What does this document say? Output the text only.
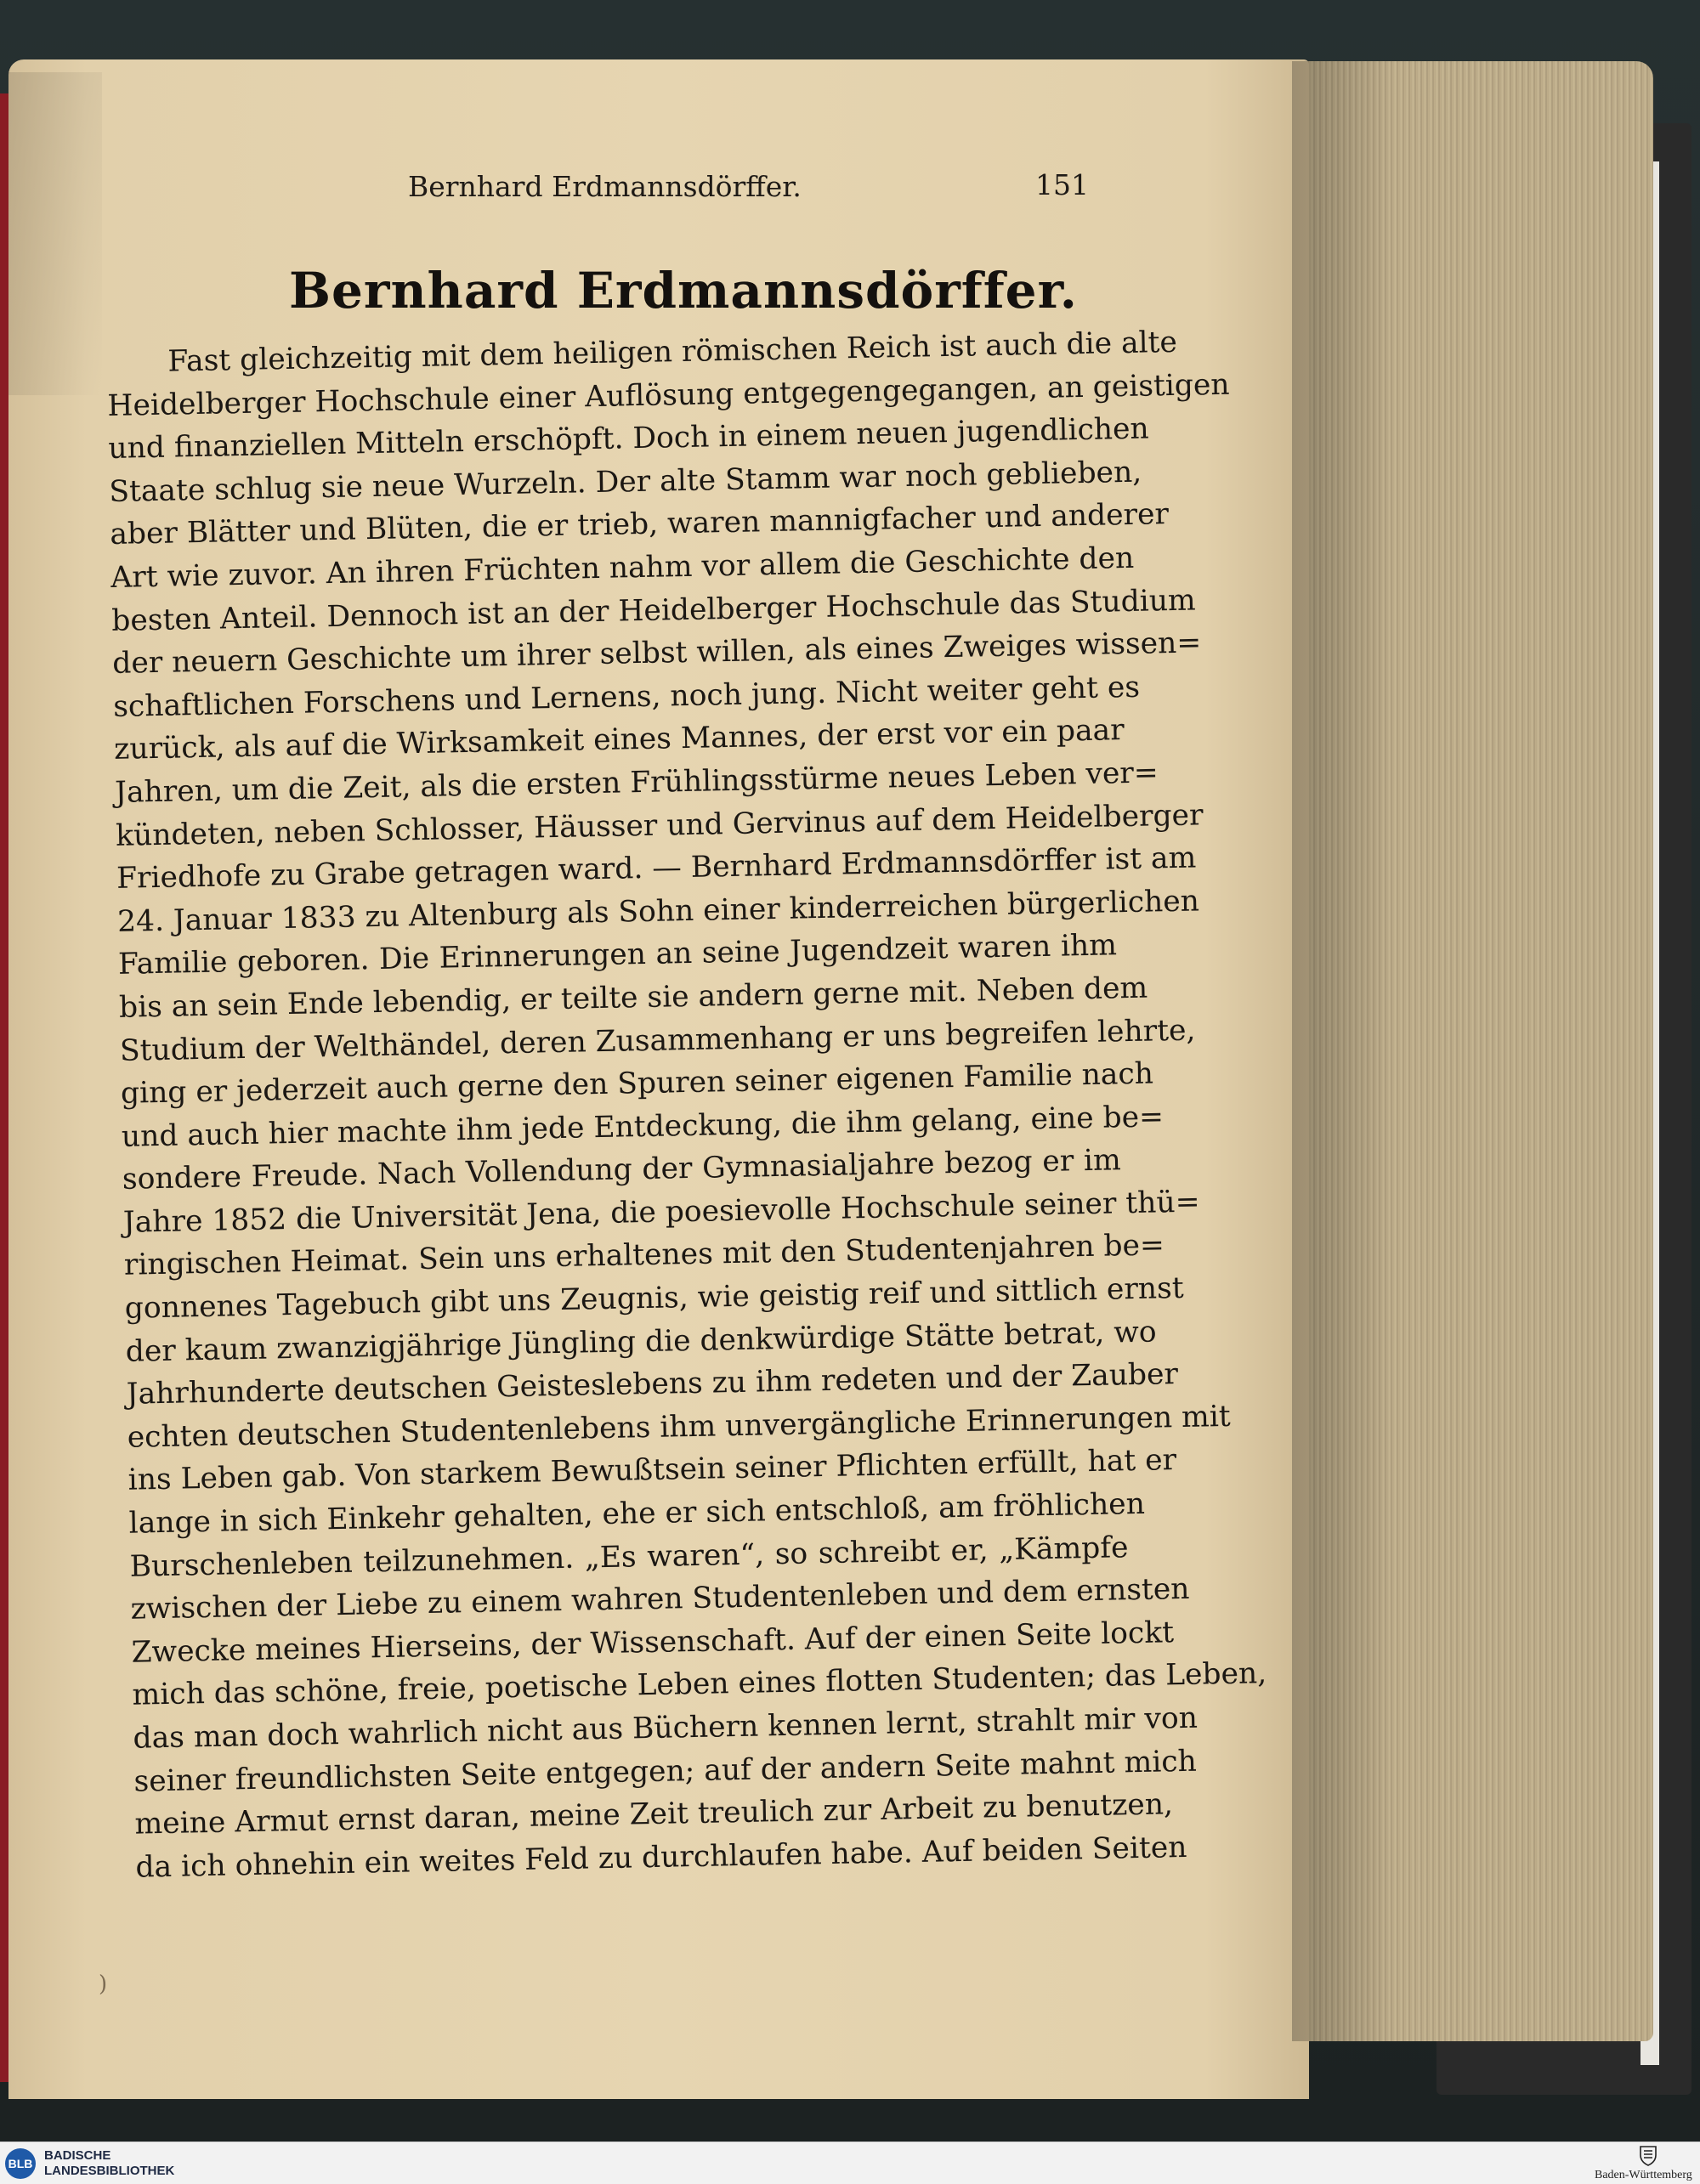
Bernhard Erdmannsdörffer.	151
Bernhard Erdmannsdörffer.
Fast gleichzeitig mit dem heiligen römischen Reich ist auch die alte
Heidelberger Hochschule einer Auflösung entgegengegangen, an geistigen
und finanziellen Mitteln erschöpft. Doch in einem neuen jugendlichen
Staate schlug sie neue Wurzeln. Der alte Stamm war noch geblieben,
aber Blätter und Blüten, die er trieb, waren mannigfacher und anderer
Art wie zuvor. An ihren Früchten nahm vor allem die Geschichte den
besten Anteil. Dennoch ist an der Heidelberger Hochschule das Studium
der neuern Geschichte um ihrer selbst willen, als eines Zweiges wissen=
schaftlichen Forschens und Lernens, noch jung. Nicht weiter geht es
zurück, als auf die Wirksamkeit eines Mannes, der erst vor ein paar
Jahren, um die Zeit, als die ersten Frühlingsstürme neues Leben ver=
kündeten, neben Schlosser, Häusser und Gervinus auf dem Heidelberger
Friedhofe zu Grabe getragen ward. — Bernhard Erdmannsdörffer ist am
24. Januar 1833 zu Altenburg als Sohn einer kinderreichen bürgerlichen
Familie geboren. Die Erinnerungen an seine Jugendzeit waren ihm
bis an sein Ende lebendig, er teilte sie andern gerne mit. Neben dem
Studium der Welthändel, deren Zusammenhang er uns begreifen lehrte,
ging er jederzeit auch gerne den Spuren seiner eigenen Familie nach
und auch hier machte ihm jede Entdeckung, die ihm gelang, eine be=
sondere Freude. Nach Vollendung der Gymnasialjahre bezog er im
Jahre 1852 die Universität Jena, die poesievolle Hochschule seiner thü=
ringischen Heimat. Sein uns erhaltenes mit den Studentenjahren be=
gonnenes Tagebuch gibt uns Zeugnis, wie geistig reif und sittlich ernst
der kaum zwanzigjährige Jüngling die denkwürdige Stätte betrat, wo
Jahrhunderte deutschen Geisteslebens zu ihm redeten und der Zauber
echten deutschen Studentenlebens ihm unvergängliche Erinnerungen mit
ins Leben gab. Von starkem Bewußtsein seiner Pflichten erfüllt, hat er
lange in sich Einkehr gehalten, ehe er sich entschloß, am fröhlichen
Burschenleben teilzunehmen. „Es waren“, so schreibt er, „Kämpfe
zwischen der Liebe zu einem wahren Studentenleben und dem ernsten
Zwecke meines Hierseins, der Wissenschaft. Auf der einen Seite lockt
mich das schöne, freie, poetische Leben eines flotten Studenten; das Leben,
das man doch wahrlich nicht aus Büchern kennen lernt, strahlt mir von
seiner freundlichsten Seite entgegen; auf der andern Seite mahnt mich
meine Armut ernst daran, meine Zeit treulich zur Arbeit zu benutzen,
da ich ohnehin ein weites Feld zu durchlaufen habe. Auf beiden Seiten
)
BLB
BADISCHE
LANDESBIBLIOTHEK	Baden-Württemberg
